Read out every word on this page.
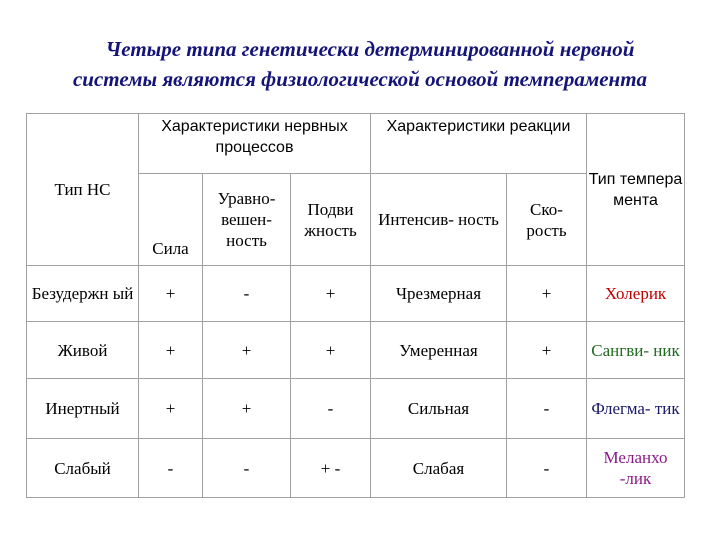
Четыре типа генетически детерминированной нервной
системы являются физиологической основой темперамента
Тип НС	Характеристики нервных процессов			Характеристики реакции		Тип темпера мента
	Сила	Уравно- вешен- ность	Подви жность	Интенсив- ность	Ско- рость	
Безудержн ый	+	-	+	Чрезмерная	+	Холерик
Живой	+	+	+	Умеренная	+	Сангви- ник
Инертный	+	+	-	Сильная	-	Флегма- тик
Слабый	-	-	+ -	Слабая	-	Меланхо -лик
